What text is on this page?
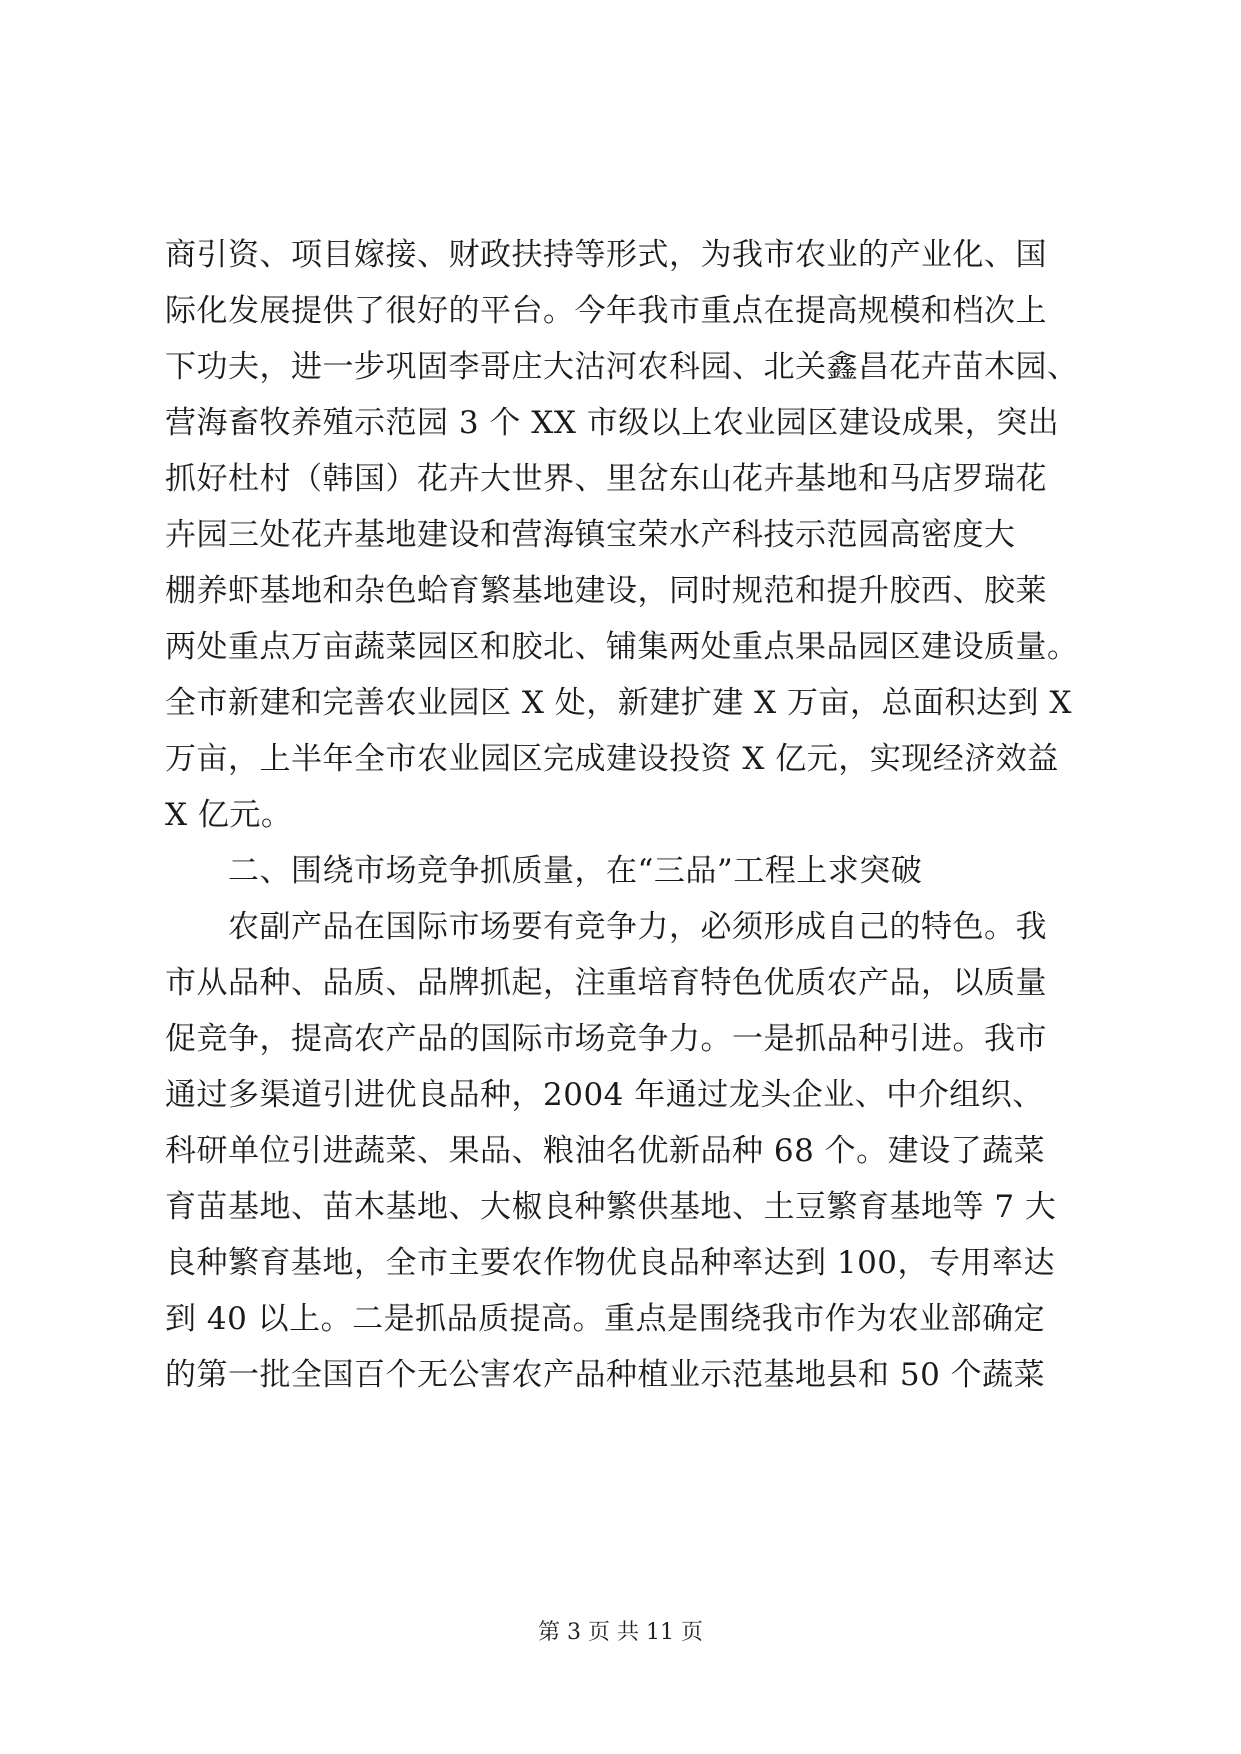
商引资、项目嫁接、财政扶持等形式，为我市农业的产业化、国
际化发展提供了很好的平台。今年我市重点在提高规模和档次上
下功夫，进一步巩固李哥庄大沽河农科园、北关鑫昌花卉苗木园、
营海畜牧养殖示范园 3 个 XX 市级以上农业园区建设成果，突出
抓好杜村（韩国）花卉大世界、里岔东山花卉基地和马店罗瑞花
卉园三处花卉基地建设和营海镇宝荣水产科技示范园高密度大
棚养虾基地和杂色蛤育繁基地建设，同时规范和提升胶西、胶莱
两处重点万亩蔬菜园区和胶北、铺集两处重点果品园区建设质量。
全市新建和完善农业园区 X 处，新建扩建 X 万亩，总面积达到 X
万亩，上半年全市农业园区完成建设投资 X 亿元，实现经济效益
X 亿元。
　　二、围绕市场竞争抓质量，在“三品”工程上求突破
　　农副产品在国际市场要有竞争力，必须形成自己的特色。我
市从品种、品质、品牌抓起，注重培育特色优质农产品，以质量
促竞争，提高农产品的国际市场竞争力。一是抓品种引进。我市
通过多渠道引进优良品种，2004 年通过龙头企业、中介组织、
科研单位引进蔬菜、果品、粮油名优新品种 68 个。建设了蔬菜
育苗基地、苗木基地、大椒良种繁供基地、土豆繁育基地等 7 大
良种繁育基地，全市主要农作物优良品种率达到 100，专用率达
到 40 以上。二是抓品质提高。重点是围绕我市作为农业部确定
的第一批全国百个无公害农产品种植业示范基地县和 50 个蔬菜
第 3 页 共 11 页
